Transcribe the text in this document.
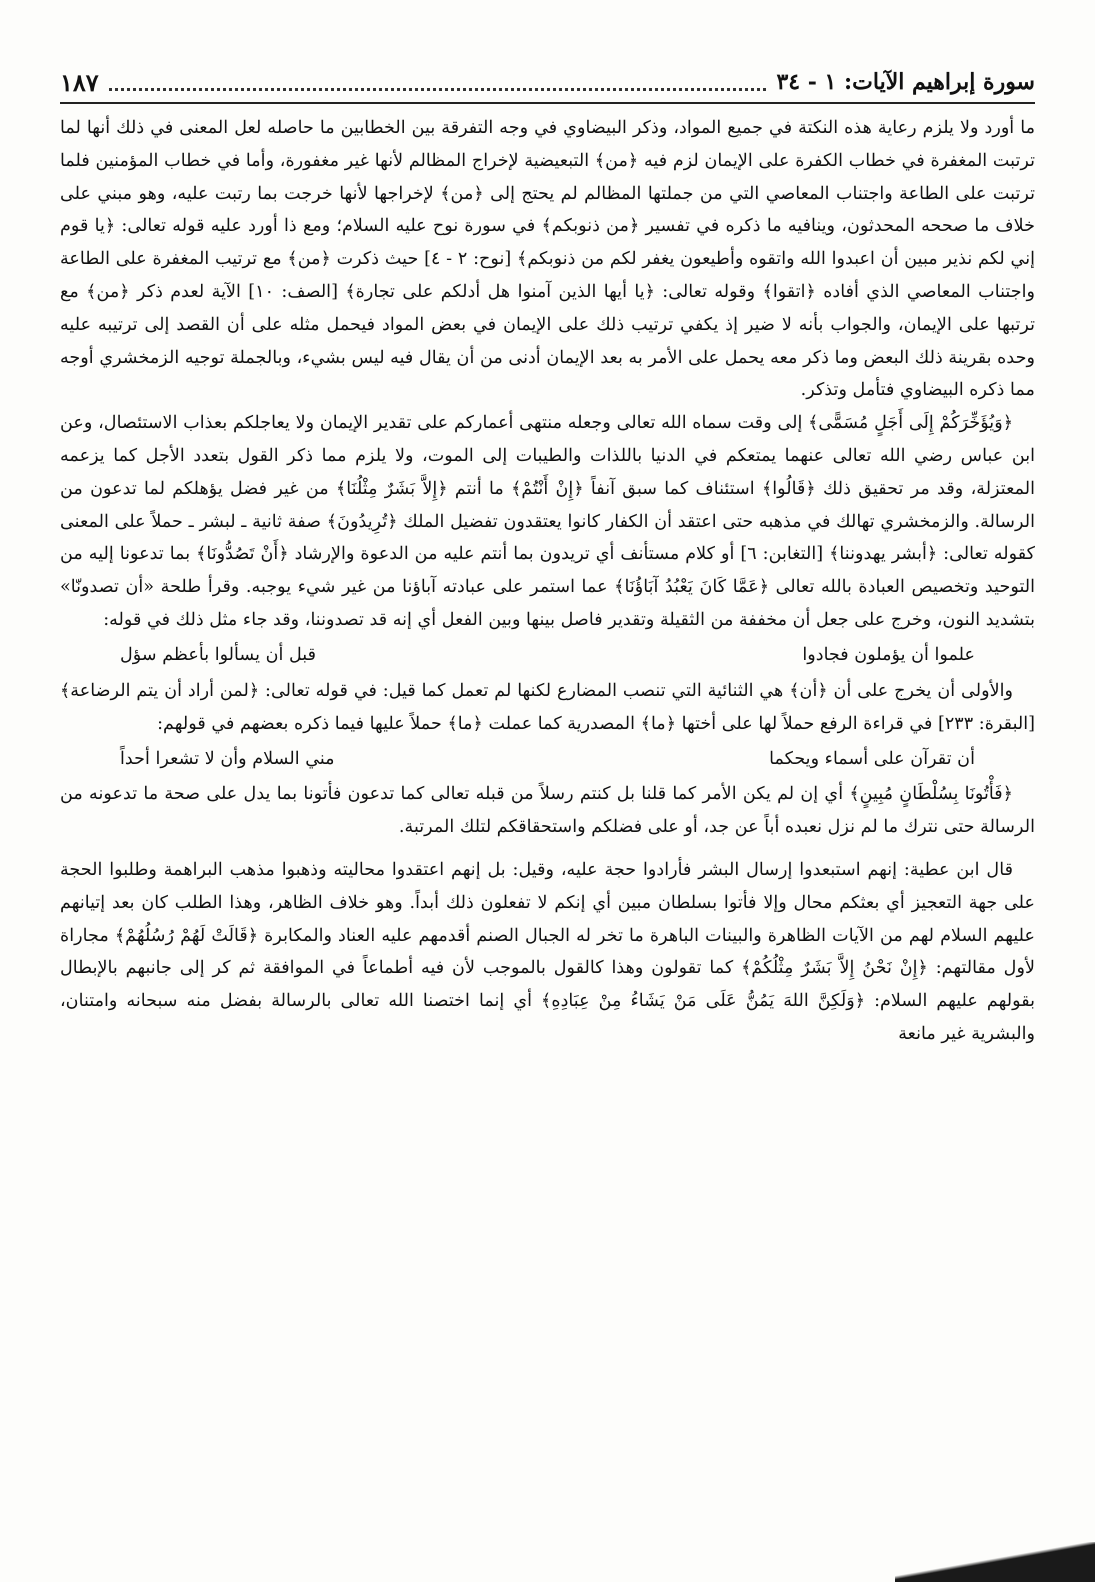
سورة إبراهيم الآيات: ١ - ٣٤
١٨٧

ما أورد ولا يلزم رعاية هذه النكتة في جميع المواد، وذكر البيضاوي في وجه التفرقة بين الخطابين ما حاصله لعل المعنى في ذلك أنها لما ترتبت المغفرة في خطاب الكفرة على الإيمان لزم فيه ﴿من﴾ التبعيضية لإخراج المظالم لأنها غير مغفورة، وأما في خطاب المؤمنين فلما ترتبت على الطاعة واجتناب المعاصي التي من جملتها المظالم لم يحتج إلى ﴿من﴾ لإخراجها لأنها خرجت بما رتبت عليه، وهو مبني على خلاف ما صححه المحدثون، وينافيه ما ذكره في تفسير ﴿من ذنوبكم﴾ في سورة نوح عليه السلام؛ ومع ذا أورد عليه قوله تعالى: ﴿يا قوم إني لكم نذير مبين أن اعبدوا الله واتقوه وأطيعون يغفر لكم من ذنوبكم﴾ [نوح: ٢ - ٤] حيث ذكرت ﴿من﴾ مع ترتيب المغفرة على الطاعة واجتناب المعاصي الذي أفاده ﴿اتقوا﴾ وقوله تعالى: ﴿يا أيها الذين آمنوا هل أدلكم على تجارة﴾ [الصف: ١٠] الآية لعدم ذكر ﴿من﴾ مع ترتبها على الإيمان، والجواب بأنه لا ضير إذ يكفي ترتيب ذلك على الإيمان في بعض المواد فيحمل مثله على أن القصد إلى ترتيبه عليه وحده بقرينة ذلك البعض وما ذكر معه يحمل على الأمر به بعد الإيمان أدنى من أن يقال فيه ليس بشيء، وبالجملة توجيه الزمخشري أوجه مما ذكره البيضاوي فتأمل وتذكر.

﴿وَيُؤَخِّرَكُمْ إِلَى أَجَلٍ مُسَمًّى﴾ إلى وقت سماه الله تعالى وجعله منتهى أعماركم على تقدير الإيمان ولا يعاجلكم بعذاب الاستئصال، وعن ابن عباس رضي الله تعالى عنهما يمتعكم في الدنيا باللذات والطيبات إلى الموت، ولا يلزم مما ذكر القول بتعدد الأجل كما يزعمه المعتزلة، وقد مر تحقيق ذلك ﴿قَالُوا﴾ استئناف كما سبق آنفاً ﴿إِنْ أَنْتُمْ﴾ ما أنتم ﴿إِلاَّ بَشَرٌ مِثْلُنَا﴾ من غير فضل يؤهلكم لما تدعون من الرسالة. والزمخشري تهالك في مذهبه حتى اعتقد أن الكفار كانوا يعتقدون تفضيل الملك ﴿تُرِيدُونَ﴾ صفة ثانية ـ لبشر ـ حملاً على المعنى كقوله تعالى: ﴿أبشر يهدوننا﴾ [التغابن: ٦] أو كلام مستأنف أي تريدون بما أنتم عليه من الدعوة والإرشاد ﴿أَنْ تَصُدُّونَا﴾ بما تدعونا إليه من التوحيد وتخصيص العبادة بالله تعالى ﴿عَمَّا كَانَ يَعْبُدُ آبَاؤُنَا﴾ عما استمر على عبادته آباؤنا من غير شيء يوجبه. وقرأ طلحة «أن تصدونّا» بتشديد النون، وخرج على جعل أن مخففة من الثقيلة وتقدير فاصل بينها وبين الفعل أي إنه قد تصدوننا، وقد جاء مثل ذلك في قوله:

علموا أن يؤملون فجادوا
قبل أن يسألوا بأعظم سؤل

والأولى أن يخرج على أن ﴿أن﴾ هي الثنائية التي تنصب المضارع لكنها لم تعمل كما قيل: في قوله تعالى: ﴿لمن أراد أن يتم الرضاعة﴾ [البقرة: ٢٣٣] في قراءة الرفع حملاً لها على أختها ﴿ما﴾ المصدرية كما عملت ﴿ما﴾ حملاً عليها فيما ذكره بعضهم في قولهم:

أن تقرآن على أسماء ويحكما
مني السلام وأن لا تشعرا أحداً

﴿فَأْتُونَا بِسُلْطَانٍ مُبِينٍ﴾ أي إن لم يكن الأمر كما قلنا بل كنتم رسلاً من قبله تعالى كما تدعون فأتونا بما يدل على صحة ما تدعونه من الرسالة حتى نترك ما لم نزل نعبده أباً عن جد، أو على فضلكم واستحقاقكم لتلك المرتبة.

قال ابن عطية: إنهم استبعدوا إرسال البشر فأرادوا حجة عليه، وقيل: بل إنهم اعتقدوا محاليته وذهبوا مذهب البراهمة وطلبوا الحجة على جهة التعجيز أي بعثكم محال وإلا فأتوا بسلطان مبين أي إنكم لا تفعلون ذلك أبداً. وهو خلاف الظاهر، وهذا الطلب كان بعد إتيانهم عليهم السلام لهم من الآيات الظاهرة والبينات الباهرة ما تخر له الجبال الصنم أقدمهم عليه العناد والمكابرة ﴿قَالَتْ لَهُمْ رُسُلُهُمْ﴾ مجاراة لأول مقالتهم: ﴿إِنْ نَحْنُ إِلاَّ بَشَرٌ مِثْلُكُمْ﴾ كما تقولون وهذا كالقول بالموجب لأن فيه أطماعاً في الموافقة ثم كر إلى جانبهم بالإبطال بقولهم عليهم السلام: ﴿وَلَكِنَّ اللهَ يَمُنُّ عَلَى مَنْ يَشَاءُ مِنْ عِبَادِهِ﴾ أي إنما اختصنا الله تعالى بالرسالة بفضل منه سبحانه وامتنان، والبشرية غير مانعة
